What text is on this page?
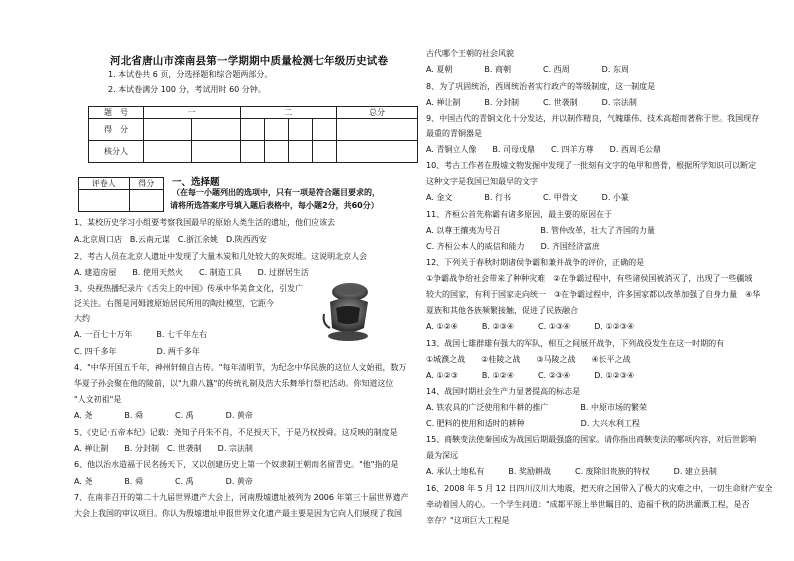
河北省唐山市滦南县第一学期期中质量检测七年级历史试卷
1. 本试卷共 6 页，分选择题和综合题两部分。
2. 本试卷满分 100 分，考试用时 60 分钟。
题　号	一		二				总分
得　分							
核分人							
评卷人	得分
	一、选择题
（在每一小题列出的选项中，只有一项是符合题目要求的，
请将所选答案序号填入题后表格中，每小题2分，共60分）
1、某校历史学习小组要考察我国最早的原始人类生活的遗址，他们应该去
A.北京周口店　B.云南元谋　C.浙江余姚　D.陕西西安
2、考古人员在北京人遗址中发现了大量木炭和几处较大的灰烬堆。这说明北京人会
A. 建造房屋　　B. 使用天然火　　C. 制造工具　　D. 过群居生活
3、央视热播纪录片《舌尖上的中国》传承中华美食文化，引发广
泛关注。右图是河姆渡原始居民所用的陶灶模型，它距今
大约
A. 一百七十万年　　　B. 七千年左右
C. 四千多年　　　　　D. 两千多年
4、"中华开国五千年，神州轩辕自古传。"每年清明节，为纪念中华民族的这位人文始祖，数万
华夏子孙会聚在他的陵前，以"九鼎八簋"的传统礼制及浩大乐舞举行祭祀活动。你知道这位
"人文初祖"是
A. 尧　　　　B. 舜　　　　C. 禹　　　　D. 黄帝
5、《史记·五帝本纪》记载：尧知子丹朱不肖，不足授天下，于是乃权授舜。这反映的制度是
A. 禅让制　　B. 分封制　C. 世袭制　　D. 宗法制
6、他以治水造福于民名扬天下，又以创建历史上第一个奴隶制王朝而名留青史。"他"指的是
A. 尧　　　　B. 舜　　　　C. 禹　　　　D. 黄帝
7、在南非召开的第二十九届世界遗产大会上，河南殷墟遗址被列为 2006 年第三十届世界遗产
大会上我国的审议项目。你认为殷墟遗址申报世界文化遗产最主要是因为它向人们展现了我国
古代哪个王朝的社会风貌
A. 夏朝　　　　B. 商朝　　　　C. 西周　　　　D. 东周
8、为了巩固统治，西周统治者实行政产的等级制度，这一制度是
A. 禅让制　　　B. 分封制　　　C. 世袭制　　　D. 宗法制
9、中国古代的青铜文化十分发达，并以制作精良，气魄雄伟、技术高超而著称于世。我国现存
最重的青铜器是
A. 青铜立人像　　B. 司母戊鼎　　C. 四羊方尊　　D. 西周毛公鼎
10、考古工作者在殷墟文物发掘中发现了一批刻有文字的龟甲和兽骨，根据所学知识可以断定
这种文字是我国已知最早的文字
A. 金文　　　　B. 行书　　　　C. 甲骨文　　　D. 小篆
11、齐桓公首先称霸有诸多原因，最主要的原因在于
A. 以尊王攘夷为号召　　　　　B. 管仲改革，壮大了齐国的力量
C. 齐桓公本人的威信和能力　　D. 齐国经济富庶
12、下列关于春秋时期诸侯争霸和兼并战争的评价，正确的是
①争霸战争给社会带来了种种灾难　②在争霸过程中，有些诸侯国被消灭了，出现了一些疆域
较大的国家，有利于国家走向统一　③在争霸过程中，许多国家都以改革加强了自身力量　④华
夏族和其他各族频繁接触，促进了民族融合
A. ①②④　　　B. ②③④　　　C. ①③④　　　D. ①②③④
13、战国七雄群雄有强大的军队，相互之间展开战争，下列战役发生在这一时期的有
①城濮之战　　②桂陵之战　　③马陵之战　　④长平之战
A. ①②③　　　B. ①②④　　　C. ②③④　　　D. ①②③④
14、战国时期社会生产力显著提高的标志是
A. 铁农具的广泛使用和牛耕的推广　　　　B. 中原市场的繁荣
C. 肥料的使用和适时的耕种　　　　　　　D. 大兴水利工程
15、商鞅变法使秦国成为战国后期最强盛的国家。请你指出商鞅变法的哪项内容，对后世影响
最为深远
A. 承认土地私有　　　B. 奖励耕战　　　C. 废除旧贵族的特权　　　D. 建立县制
16、2008 年 5 月 12 日四川汶川大地震，把天府之国带入了极大的灾难之中，一切生命财产安全
牵动着国人的心。一个学生问道："成都平原上举世瞩目的、造福千秋的防洪灌溉工程，是否
幸存？"这项巨大工程是
